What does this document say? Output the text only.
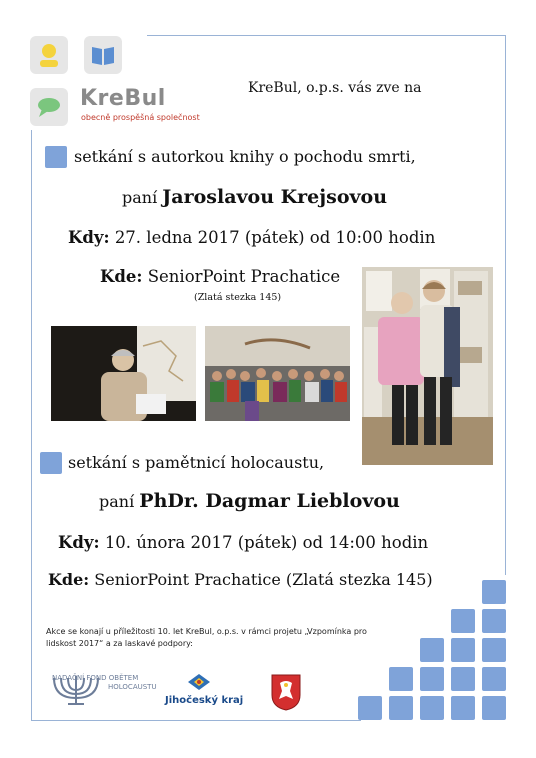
KreBul
obecně prospěšná společnost
KreBul, o.p.s. vás zve na
setkání s autorkou knihy o pochodu smrti,
paní Jaroslavou Krejsovou
Kdy: 27. ledna 2017 (pátek) od 10:00 hodin
Kde: SeniorPoint Prachatice
(Zlatá stezka 145)
setkání s pamětnicí holocaustu,
paní PhDr. Dagmar Lieblovou
Kdy: 10. února 2017 (pátek) od 14:00 hodin
Kde: SeniorPoint Prachatice (Zlatá stezka 145)
Akce se konají u příležitosti 10. let KreBul, o.p.s. v rámci projetu „Vzpomínka pro lidskost 2017“ a za laskavé podpory:
NADAČNÍ FOND OBĚTEM
HOLOCAUSTU
Jihočeský kraj
